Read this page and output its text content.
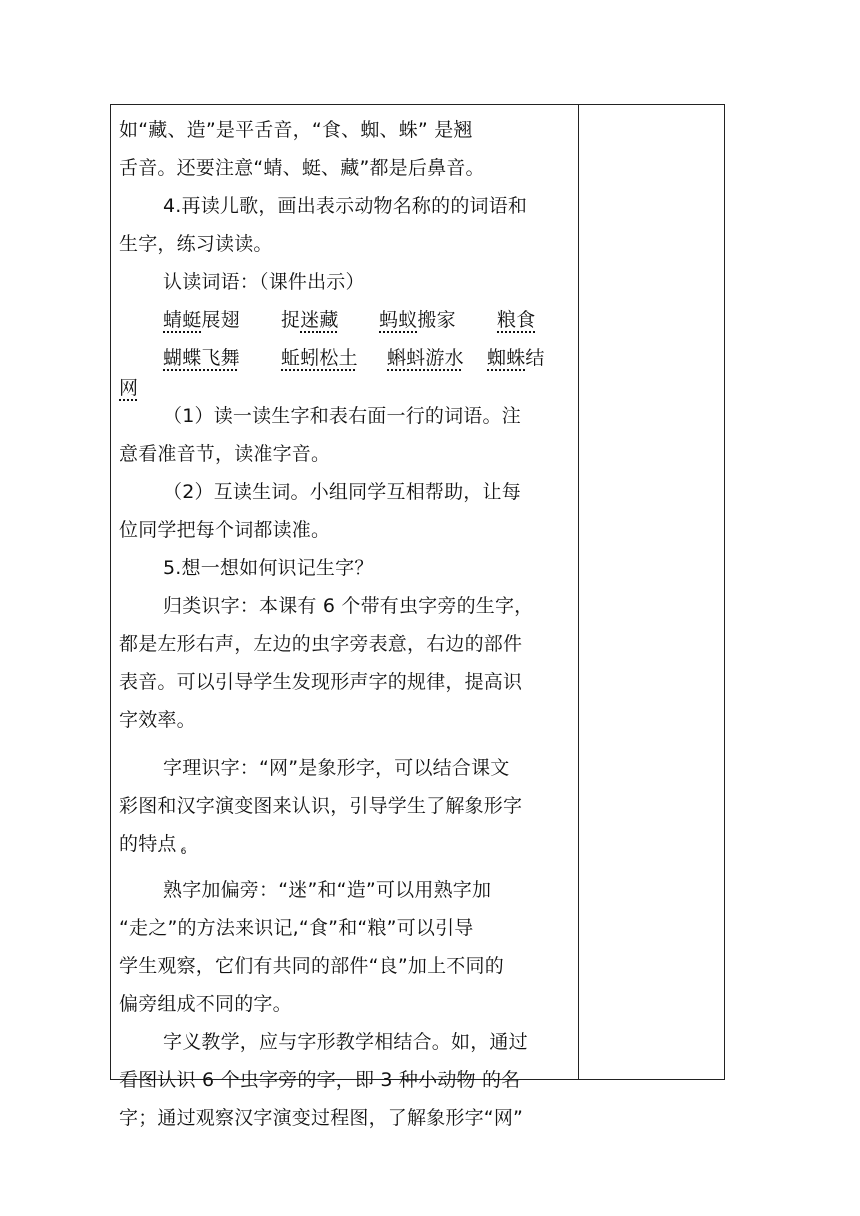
如“藏、造”是平舌音，“食、蜘、蛛” 是翘
舌音。还要注意“蜻、蜓、藏”都是后鼻音。
4.再读儿歌，画出表示动物名称的的词语和
生字，练习读读。
认读词语：（课件出示）
蜻蜓展翅 捉迷藏 蚂蚁搬家 粮食
蝴蝶飞舞 蚯蚓松土 蝌蚪游水 蜘蛛结
网
（1）读一读生字和表右面一行的词语。注
意看准音节，读准字音。
（2）互读生词。小组同学互相帮助，让每
位同学把每个词都读准。
5.想一想如何识记生字？
归类识字：本课有 6 个带有虫字旁的生字，
都是左形右声，左边的虫字旁表意，右边的部件
表音。可以引导学生发现形声字的规律，提高识
字效率。
字理识字：“网”是象形字，可以结合课文
彩图和汉字演变图来认识，引导学生了解象形字
的特点 $_6$
熟字加偏旁：“迷”和“造”可以用熟字加
“走之”的方法来识记,“食”和“粮”可以引导
学生观察，它们有共同的部件“良”加上不同的
偏旁组成不同的字。
字义教学，应与字形教学相结合。如，通过
看图认识 6 个虫字旁的字，即 3 种小动物 的名
字；通过观察汉字演变过程图，了解象形字“网”
